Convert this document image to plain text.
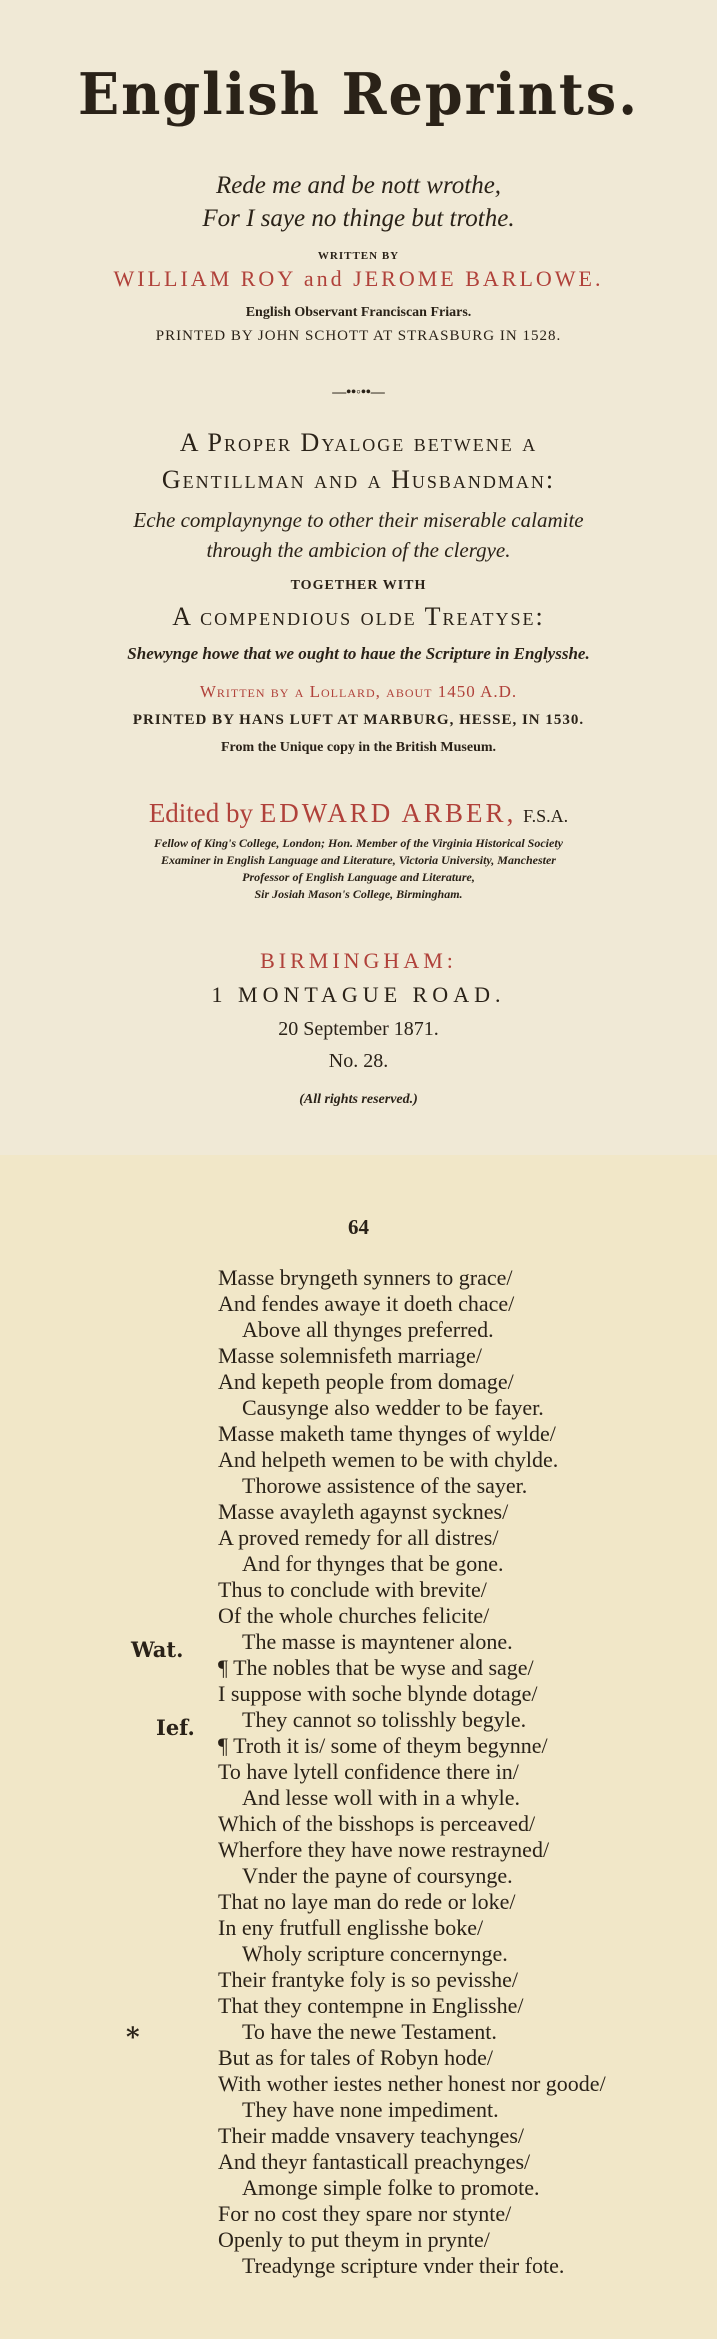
English Reprints.
Rede me and be nott wrothe,
For I saye no thinge but trothe.
WRITTEN BY
WILLIAM ROY and JEROME BARLOWE.
English Observant Franciscan Friars.
PRINTED BY JOHN SCHOTT AT STRASBURG IN 1528.
—••◦••—
A Proper Dyaloge betwene a
Gentillman and a Husbandman:
Eche complaynynge to other their miserable calamite
through the ambicion of the clergye.
TOGETHER WITH
A compendious olde Treatyse:
Shewynge howe that we ought to haue the Scripture in Englysshe.
Written by a Lollard, about 1450 A.D.
PRINTED BY HANS LUFT AT MARBURG, HESSE, IN 1530.
From the Unique copy in the British Museum.
Edited by EDWARD ARBER, F.S.A.
Fellow of King's College, London; Hon. Member of the Virginia Historical Society
Examiner in English Language and Literature, Victoria University, Manchester
Professor of English Language and Literature,
Sir Josiah Mason's College, Birmingham.
BIRMINGHAM:
1 MONTAGUE ROAD.
20 September 1871.
No. 28.
(All rights reserved.)
64
Wat.
Ief.
*
Masse bryngeth synners to grace/
And fendes awaye it doeth chace/
Above all thynges preferred.
Masse solemnisfeth marriage/
And kepeth people from domage/
Causynge also wedder to be fayer.
Masse maketh tame thynges of wylde/
And helpeth wemen to be with chylde.
Thorowe assistence of the sayer.
Masse avayleth agaynst sycknes/
A proved remedy for all distres/
And for thynges that be gone.
Thus to conclude with brevite/
Of the whole churches felicite/
The masse is mayntener alone.
¶ The nobles that be wyse and sage/
I suppose with soche blynde dotage/
They cannot so tolisshly begyle.
¶ Troth it is/ some of theym begynne/
To have lytell confidence there in/
And lesse woll with in a whyle.
Which of the bisshops is perceaved/
Wherfore they have nowe restrayned/
Vnder the payne of coursynge.
That no laye man do rede or loke/
In eny frutfull englisshe boke/
Wholy scripture concernynge.
Their frantyke foly is so pevisshe/
That they contempne in Englisshe/
To have the newe Testament.
But as for tales of Robyn hode/
With wother iestes nether honest nor goode/
They have none impediment.
Their madde vnsavery teachynges/
And theyr fantasticall preachynges/
Amonge simple folke to promote.
For no cost they spare nor stynte/
Openly to put theym in prynte/
Treadynge scripture vnder their fote.
